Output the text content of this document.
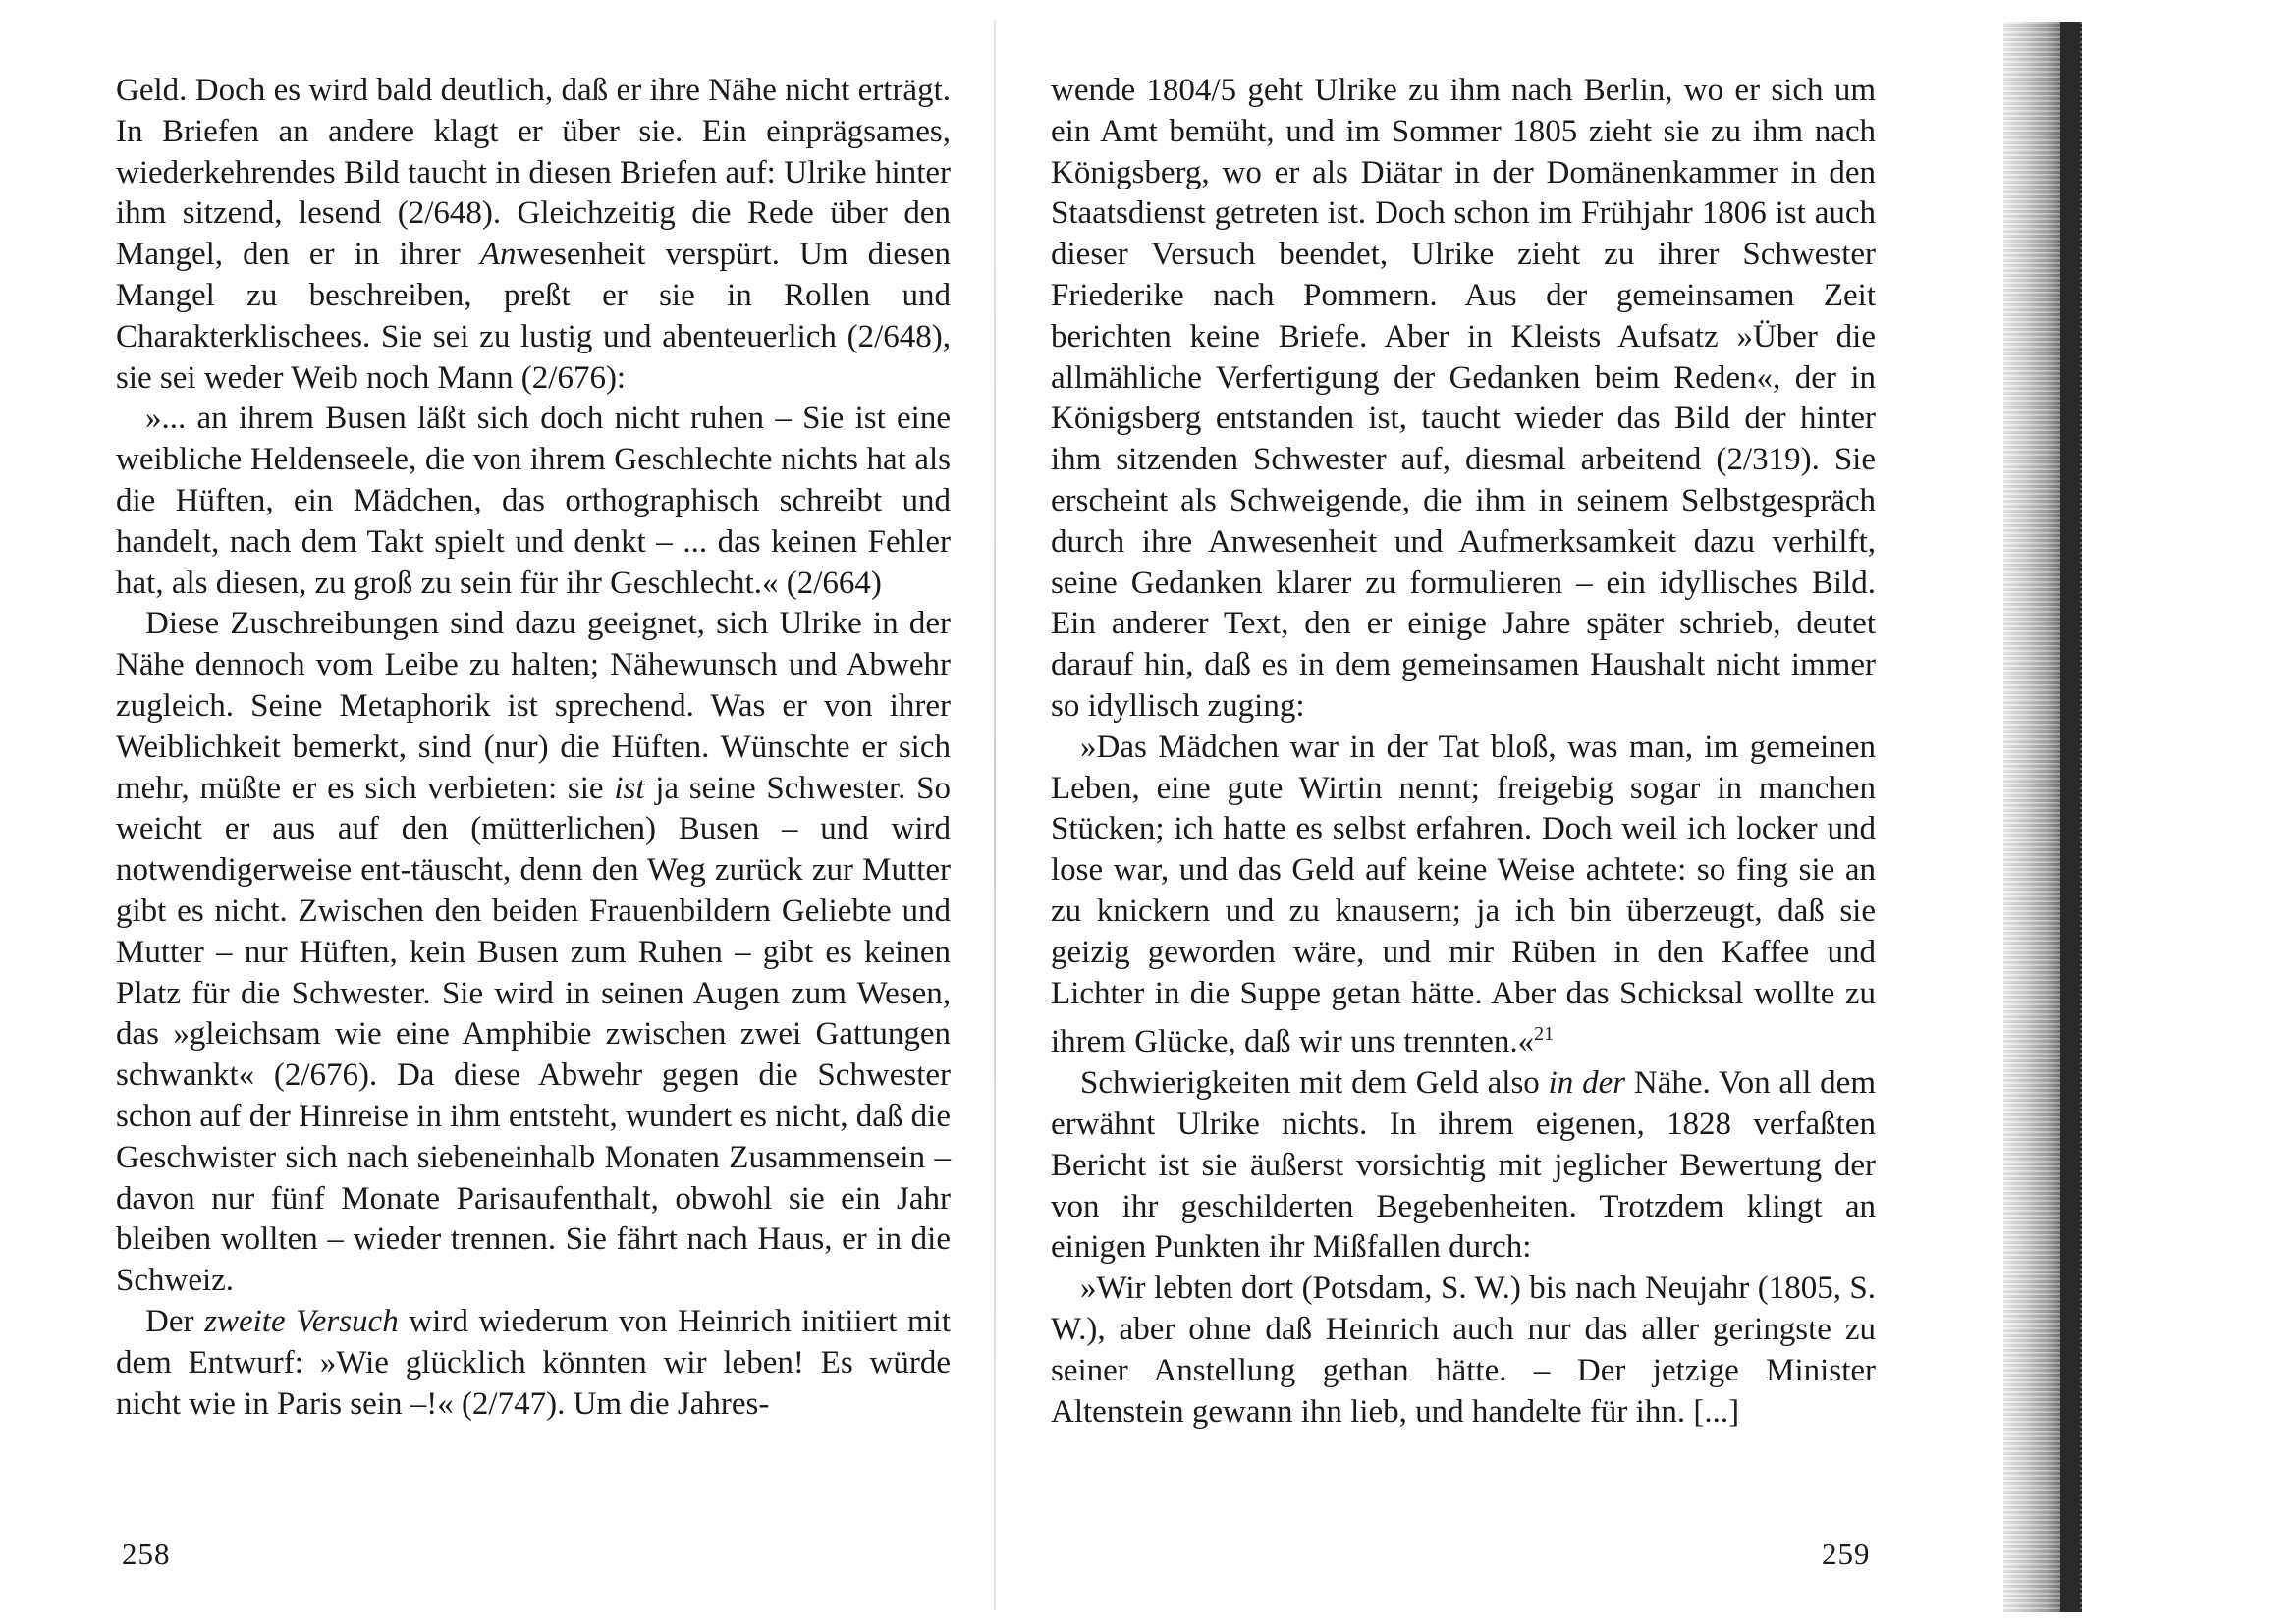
Geld. Doch es wird bald deutlich, daß er ihre Nähe nicht erträgt. In Briefen an andere klagt er über sie. Ein einprägsames, wiederkehrendes Bild taucht in diesen Briefen auf: Ulrike hinter ihm sitzend, lesend (2/648). Gleichzeitig die Rede über den Mangel, den er in ihrer Anwesenheit verspürt. Um diesen Mangel zu beschreiben, preßt er sie in Rollen und Charakterklischees. Sie sei zu lustig und abenteuerlich (2/648), sie sei weder Weib noch Mann (2/676):

»... an ihrem Busen läßt sich doch nicht ruhen – Sie ist eine weibliche Heldenseele, die von ihrem Geschlechte nichts hat als die Hüften, ein Mädchen, das orthographisch schreibt und handelt, nach dem Takt spielt und denkt – ... das keinen Fehler hat, als diesen, zu groß zu sein für ihr Geschlecht.« (2/664)

Diese Zuschreibungen sind dazu geeignet, sich Ulrike in der Nähe dennoch vom Leibe zu halten; Nähewunsch und Abwehr zugleich. Seine Metaphorik ist sprechend. Was er von ihrer Weiblichkeit bemerkt, sind (nur) die Hüften. Wünschte er sich mehr, müßte er es sich verbieten: sie ist ja seine Schwester. So weicht er aus auf den (mütterlichen) Busen – und wird notwendigerweise ent-täuscht, denn den Weg zurück zur Mutter gibt es nicht. Zwischen den beiden Frauenbildern Geliebte und Mutter – nur Hüften, kein Busen zum Ruhen – gibt es keinen Platz für die Schwester. Sie wird in seinen Augen zum Wesen, das »gleichsam wie eine Amphibie zwischen zwei Gattungen schwankt« (2/676). Da diese Abwehr gegen die Schwester schon auf der Hinreise in ihm entsteht, wundert es nicht, daß die Geschwister sich nach siebeneinhalb Monaten Zusammensein – davon nur fünf Monate Parisaufenthalt, obwohl sie ein Jahr bleiben wollten – wieder trennen. Sie fährt nach Haus, er in die Schweiz.

Der zweite Versuch wird wiederum von Heinrich initiiert mit dem Entwurf: »Wie glücklich könnten wir leben! Es würde nicht wie in Paris sein –!« (2/747). Um die Jahres-

258

wende 1804/5 geht Ulrike zu ihm nach Berlin, wo er sich um ein Amt bemüht, und im Sommer 1805 zieht sie zu ihm nach Königsberg, wo er als Diätar in der Domänenkammer in den Staatsdienst getreten ist. Doch schon im Frühjahr 1806 ist auch dieser Versuch beendet, Ulrike zieht zu ihrer Schwester Friederike nach Pommern. Aus der gemeinsamen Zeit berichten keine Briefe. Aber in Kleists Aufsatz »Über die allmähliche Verfertigung der Gedanken beim Reden«, der in Königsberg entstanden ist, taucht wieder das Bild der hinter ihm sitzenden Schwester auf, diesmal arbeitend (2/319). Sie erscheint als Schweigende, die ihm in seinem Selbstgespräch durch ihre Anwesenheit und Aufmerksamkeit dazu verhilft, seine Gedanken klarer zu formulieren – ein idyllisches Bild. Ein anderer Text, den er einige Jahre später schrieb, deutet darauf hin, daß es in dem gemeinsamen Haushalt nicht immer so idyllisch zuging:

»Das Mädchen war in der Tat bloß, was man, im gemeinen Leben, eine gute Wirtin nennt; freigebig sogar in manchen Stücken; ich hatte es selbst erfahren. Doch weil ich locker und lose war, und das Geld auf keine Weise achtete: so fing sie an zu knickern und zu knausern; ja ich bin überzeugt, daß sie geizig geworden wäre, und mir Rüben in den Kaffee und Lichter in die Suppe getan hätte. Aber das Schicksal wollte zu ihrem Glücke, daß wir uns trennten.«$^{21}$

Schwierigkeiten mit dem Geld also in der Nähe. Von all dem erwähnt Ulrike nichts. In ihrem eigenen, 1828 verfaßten Bericht ist sie äußerst vorsichtig mit jeglicher Bewertung der von ihr geschilderten Begebenheiten. Trotzdem klingt an einigen Punkten ihr Mißfallen durch:

»Wir lebten dort (Potsdam, S. W.) bis nach Neujahr (1805, S. W.), aber ohne daß Heinrich auch nur das aller geringste zu seiner Anstellung gethan hätte. – Der jetzige Minister Altenstein gewann ihn lieb, und handelte für ihn. [...]

259
